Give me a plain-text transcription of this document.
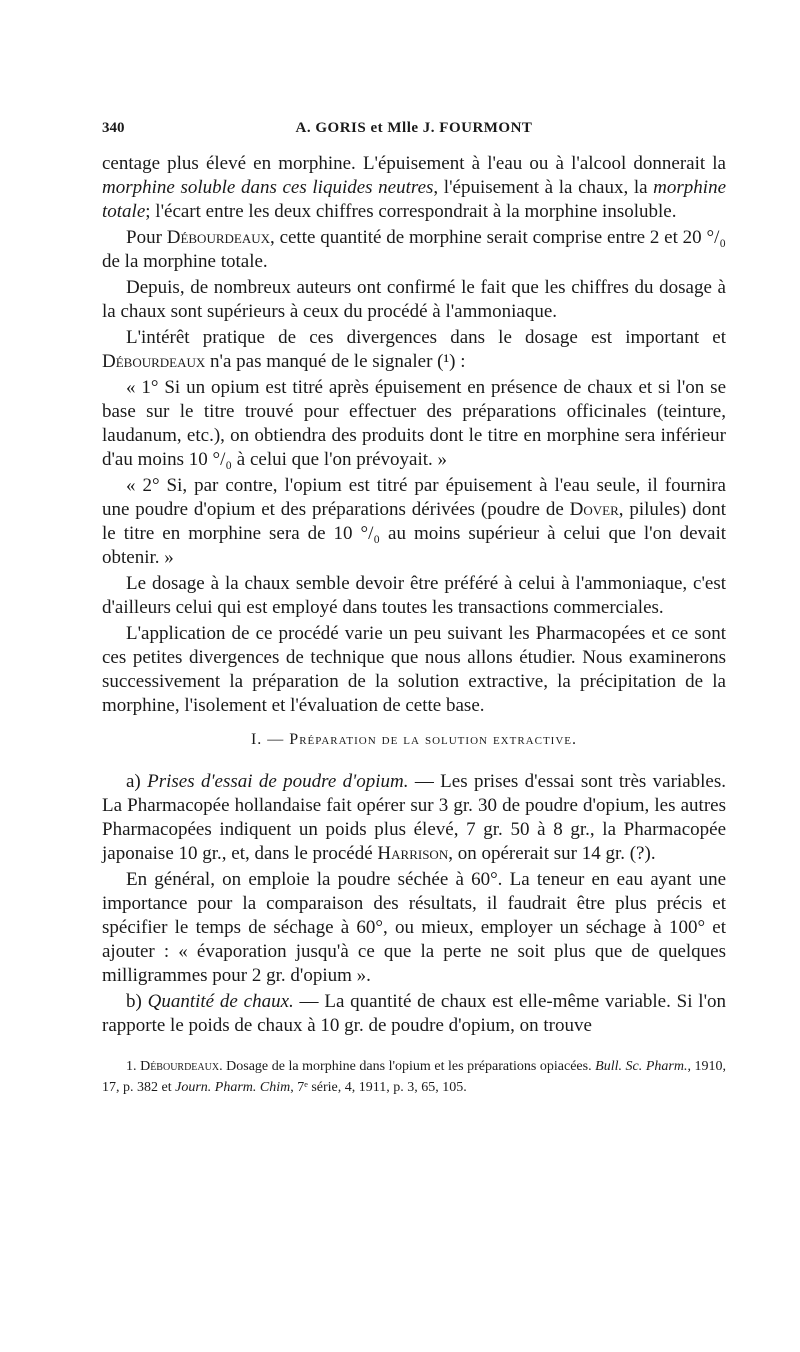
340	A. GORIS et Mlle J. FOURMONT

centage plus élevé en morphine. L'épuisement à l'eau ou à l'alcool donnerait la morphine soluble dans ces liquides neutres, l'épuisement à la chaux, la morphine totale; l'écart entre les deux chiffres correspondrait à la morphine insoluble.

Pour Débourdeaux, cette quantité de morphine serait comprise entre 2 et 20 °/₀ de la morphine totale.

Depuis, de nombreux auteurs ont confirmé le fait que les chiffres du dosage à la chaux sont supérieurs à ceux du procédé à l'ammoniaque.

L'intérêt pratique de ces divergences dans le dosage est important et Débourdeaux n'a pas manqué de le signaler (¹) :

« 1° Si un opium est titré après épuisement en présence de chaux et si l'on se base sur le titre trouvé pour effectuer des préparations officinales (teinture, laudanum, etc.), on obtiendra des produits dont le titre en morphine sera inférieur d'au moins 10 °/₀ à celui que l'on prévoyait. »

« 2° Si, par contre, l'opium est titré par épuisement à l'eau seule, il fournira une poudre d'opium et des préparations dérivées (poudre de Dover, pilules) dont le titre en morphine sera de 10 °/₀ au moins supérieur à celui que l'on devait obtenir. »

Le dosage à la chaux semble devoir être préféré à celui à l'ammoniaque, c'est d'ailleurs celui qui est employé dans toutes les transactions commerciales.

L'application de ce procédé varie un peu suivant les Pharmacopées et ce sont ces petites divergences de technique que nous allons étudier. Nous examinerons successivement la préparation de la solution extractive, la précipitation de la morphine, l'isolement et l'évaluation de cette base.

I. — Préparation de la solution extractive.

a) Prises d'essai de poudre d'opium. — Les prises d'essai sont très variables. La Pharmacopée hollandaise fait opérer sur 3 gr. 30 de poudre d'opium, les autres Pharmacopées indiquent un poids plus élevé, 7 gr. 50 à 8 gr., la Pharmacopée japonaise 10 gr., et, dans le procédé Harrison, on opérerait sur 14 gr. (?).

En général, on emploie la poudre séchée à 60°. La teneur en eau ayant une importance pour la comparaison des résultats, il faudrait être plus précis et spécifier le temps de séchage à 60°, ou mieux, employer un séchage à 100° et ajouter : « évaporation jusqu'à ce que la perte ne soit plus que de quelques milligrammes pour 2 gr. d'opium ».

b) Quantité de chaux. — La quantité de chaux est elle-même variable. Si l'on rapporte le poids de chaux à 10 gr. de poudre d'opium, on trouve

1. Débourdeaux. Dosage de la morphine dans l'opium et les préparations opiacées. Bull. Sc. Pharm., 1910, 17, p. 382 et Journ. Pharm. Chim, 7ᵉ série, 4, 1911, p. 3, 65, 105.
